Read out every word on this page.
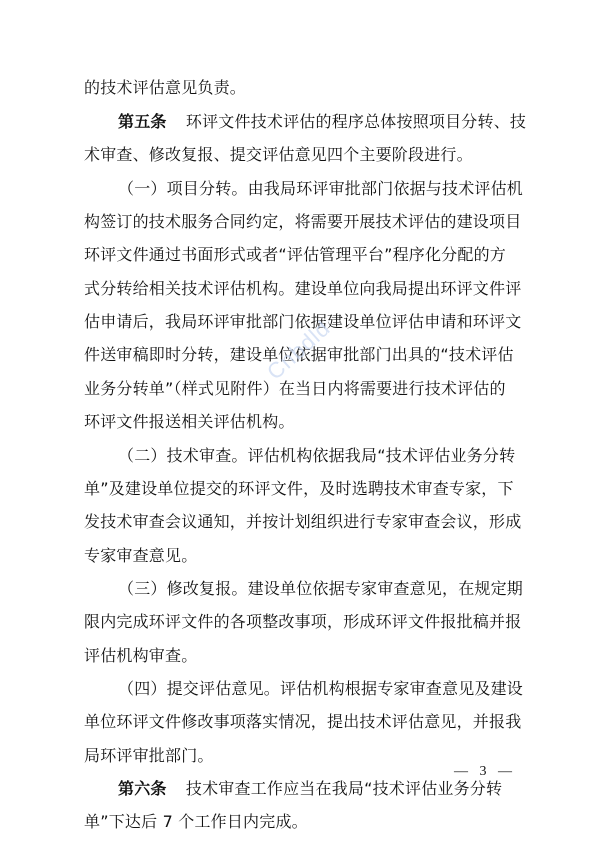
的技术评估意见负责。
第五条 环评文件技术评估的程序总体按照项目分转、技
术审查、修改复报、提交评估意见四个主要阶段进行。
（一）项目分转。由我局环评审批部门依据与技术评估机
构签订的技术服务合同约定，将需要开展技术评估的建设项目
环评文件通过书面形式或者“评估管理平台”程序化分配的方
式分转给相关技术评估机构。建设单位向我局提出环评文件评
估申请后，我局环评审批部门依据建设单位评估申请和环评文
件送审稿即时分转，建设单位依据审批部门出具的“技术评估
业务分转单”（样式见附件）在当日内将需要进行技术评估的
环评文件报送相关评估机构。
（二）技术审查。评估机构依据我局“技术评估业务分转
单”及建设单位提交的环评文件，及时选聘技术审查专家，下
发技术审查会议通知，并按计划组织进行专家审查会议，形成
专家审查意见。
（三）修改复报。建设单位依据专家审查意见，在规定期
限内完成环评文件的各项整改事项，形成环评文件报批稿并报
评估机构审查。
（四）提交评估意见。评估机构根据专家审查意见及建设
单位环评文件修改事项落实情况，提出技术评估意见，并报我
局环评审批部门。
第六条 技术审查工作应当在我局“技术评估业务分转
单”下达后 7 个工作日内完成。
Cnbdld
— 3 —
